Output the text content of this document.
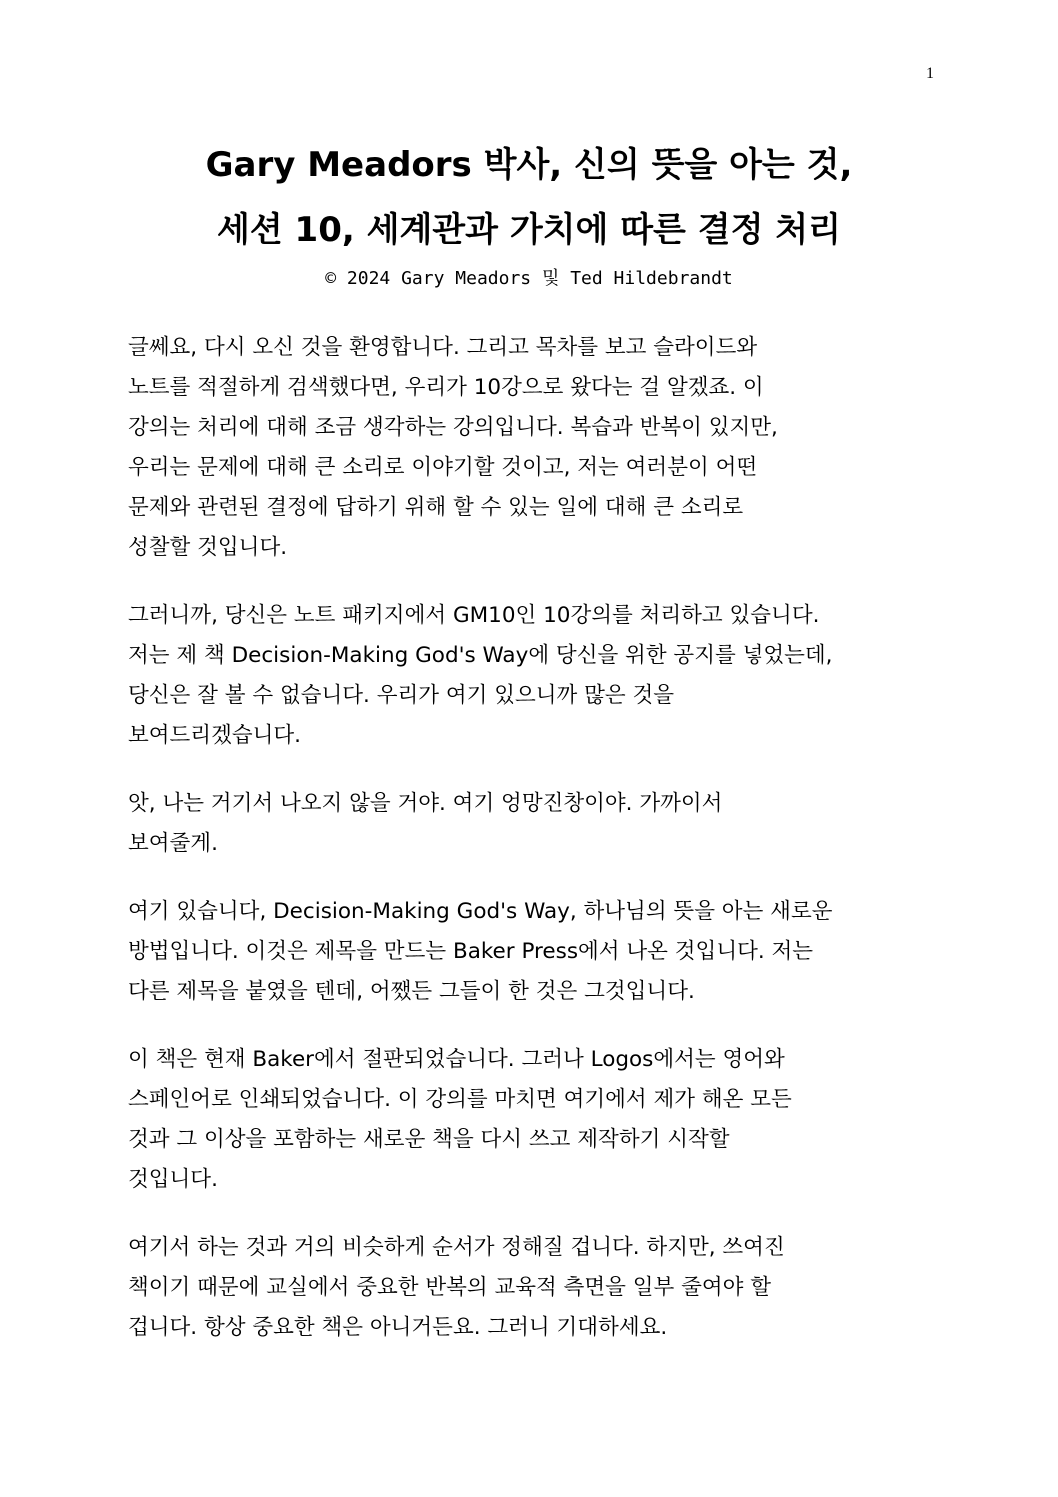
1
Gary Meadors 박사, 신의 뜻을 아는 것,
세션 10, 세계관과 가치에 따른 결정 처리
© 2024 Gary Meadors 및 Ted Hildebrandt

글쎄요, 다시 오신 것을 환영합니다. 그리고 목차를 보고 슬라이드와
노트를 적절하게 검색했다면, 우리가 10강으로 왔다는 걸 알겠죠. 이
강의는 처리에 대해 조금 생각하는 강의입니다. 복습과 반복이 있지만,
우리는 문제에 대해 큰 소리로 이야기할 것이고, 저는 여러분이 어떤
문제와 관련된 결정에 답하기 위해 할 수 있는 일에 대해 큰 소리로
성찰할 것입니다.

그러니까, 당신은 노트 패키지에서 GM10인 10강의를 처리하고 있습니다.
저는 제 책 Decision-Making God's Way에 당신을 위한 공지를 넣었는데,
당신은 잘 볼 수 없습니다. 우리가 여기 있으니까 많은 것을
보여드리겠습니다.

앗, 나는 거기서 나오지 않을 거야. 여기 엉망진창이야. 가까이서
보여줄게.

여기 있습니다, Decision-Making God's Way, 하나님의 뜻을 아는 새로운
방법입니다. 이것은 제목을 만드는 Baker Press에서 나온 것입니다. 저는
다른 제목을 붙였을 텐데, 어쨌든 그들이 한 것은 그것입니다.

이 책은 현재 Baker에서 절판되었습니다. 그러나 Logos에서는 영어와
스페인어로 인쇄되었습니다. 이 강의를 마치면 여기에서 제가 해온 모든
것과 그 이상을 포함하는 새로운 책을 다시 쓰고 제작하기 시작할
것입니다.

여기서 하는 것과 거의 비슷하게 순서가 정해질 겁니다. 하지만, 쓰여진
책이기 때문에 교실에서 중요한 반복의 교육적 측면을 일부 줄여야 할
겁니다. 항상 중요한 책은 아니거든요. 그러니 기대하세요.
